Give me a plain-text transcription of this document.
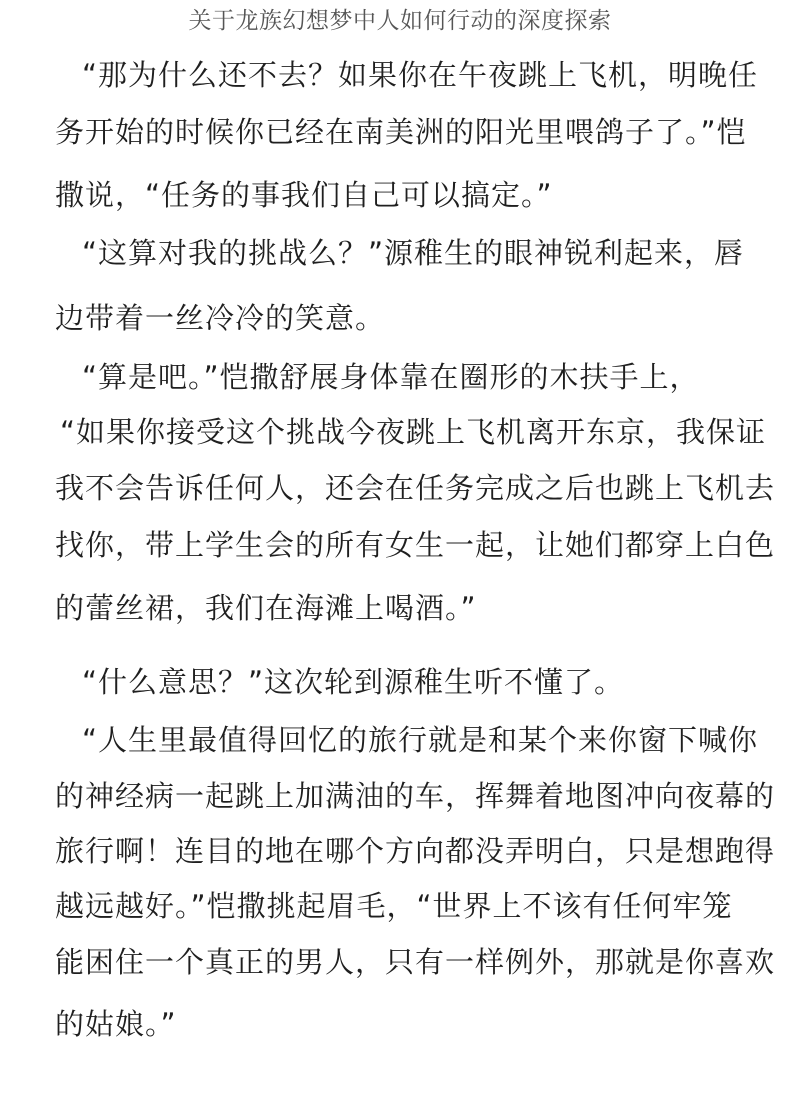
关于龙族幻想梦中人如何行动的深度探索
“那为什么还不去？如果你在午夜跳上飞机，明晚任
务开始的时候你已经在南美洲的阳光里喂鸽子了。”恺
撒说，“任务的事我们自己可以搞定。”
“这算对我的挑战么？”源稚生的眼神锐利起来，唇
边带着一丝冷冷的笑意。
“算是吧。”恺撒舒展身体靠在圈形的木扶手上，
“如果你接受这个挑战今夜跳上飞机离开东京，我保证
我不会告诉任何人，还会在任务完成之后也跳上飞机去
找你，带上学生会的所有女生一起，让她们都穿上白色
的蕾丝裙，我们在海滩上喝酒。”
“什么意思？”这次轮到源稚生听不懂了。
“人生里最值得回忆的旅行就是和某个来你窗下喊你
的神经病一起跳上加满油的车，挥舞着地图冲向夜幕的
旅行啊！连目的地在哪个方向都没弄明白，只是想跑得
越远越好。”恺撒挑起眉毛，“世界上不该有任何牢笼
能困住一个真正的男人，只有一样例外，那就是你喜欢
的姑娘。”
